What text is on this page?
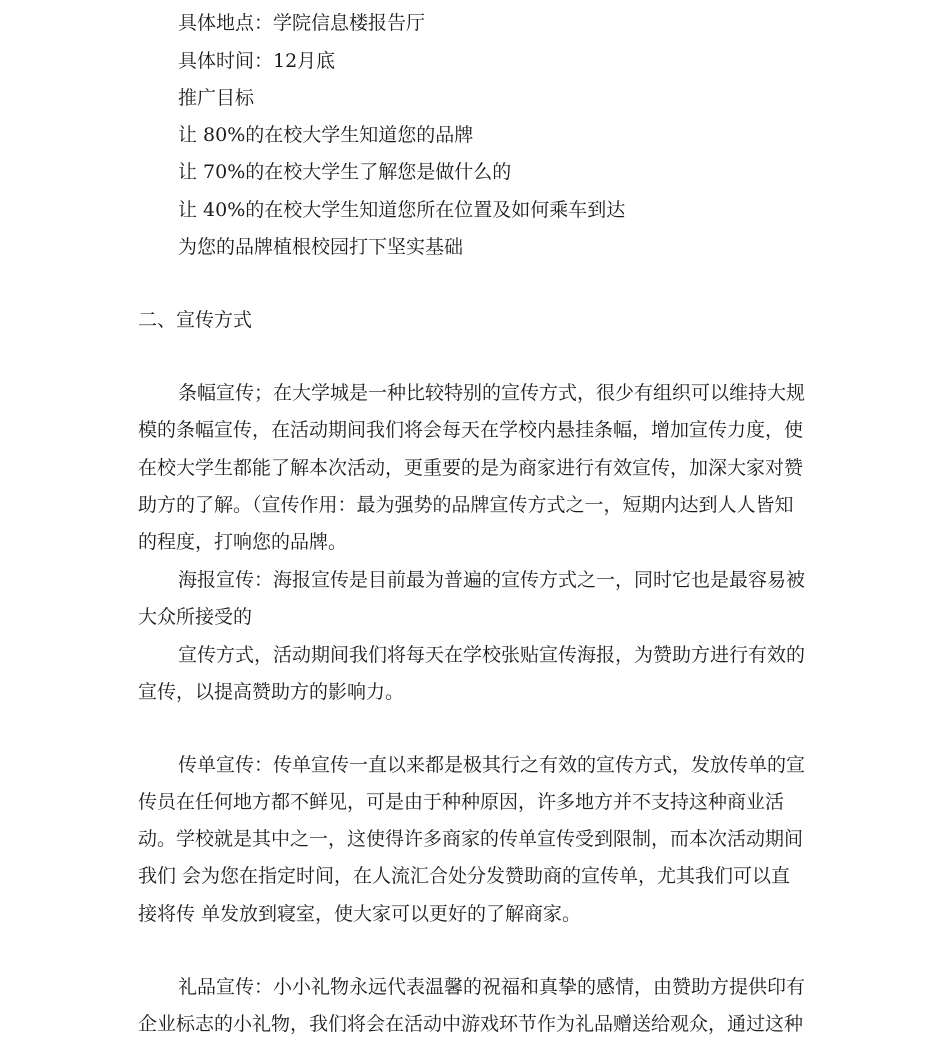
具体地点：学院信息楼报告厅
具体时间：12月底
推广目标
让 80%的在校大学生知道您的品牌
让 70%的在校大学生了解您是做什么的
让 40%的在校大学生知道您所在位置及如何乘车到达
为您的品牌植根校园打下坚实基础
二、宣传方式
条幅宣传；在大学城是一种比较特别的宣传方式，很少有组织可以维持大规
模的条幅宣传，在活动期间我们将会每天在学校内悬挂条幅，增加宣传力度，使
在校大学生都能了解本次活动，更重要的是为商家进行有效宣传，加深大家对赞
助方的了解。（宣传作用：最为强势的品牌宣传方式之一，短期内达到人人皆知
的程度，打响您的品牌。
海报宣传：海报宣传是目前最为普遍的宣传方式之一，同时它也是最容易被
大众所接受的
宣传方式，活动期间我们将每天在学校张贴宣传海报，为赞助方进行有效的
宣传，以提高赞助方的影响力。
传单宣传：传单宣传一直以来都是极其行之有效的宣传方式，发放传单的宣
传员在任何地方都不鲜见，可是由于种种原因，许多地方并不支持这种商业活
动。学校就是其中之一，这使得许多商家的传单宣传受到限制，而本次活动期间
我们 会为您在指定时间，在人流汇合处分发赞助商的宣传单，尤其我们可以直
接将传 单发放到寝室，使大家可以更好的了解商家。
礼品宣传：小小礼物永远代表温馨的祝福和真挚的感情，由赞助方提供印有
企业标志的小礼物，我们将会在活动中游戏环节作为礼品赠送给观众，通过这种
